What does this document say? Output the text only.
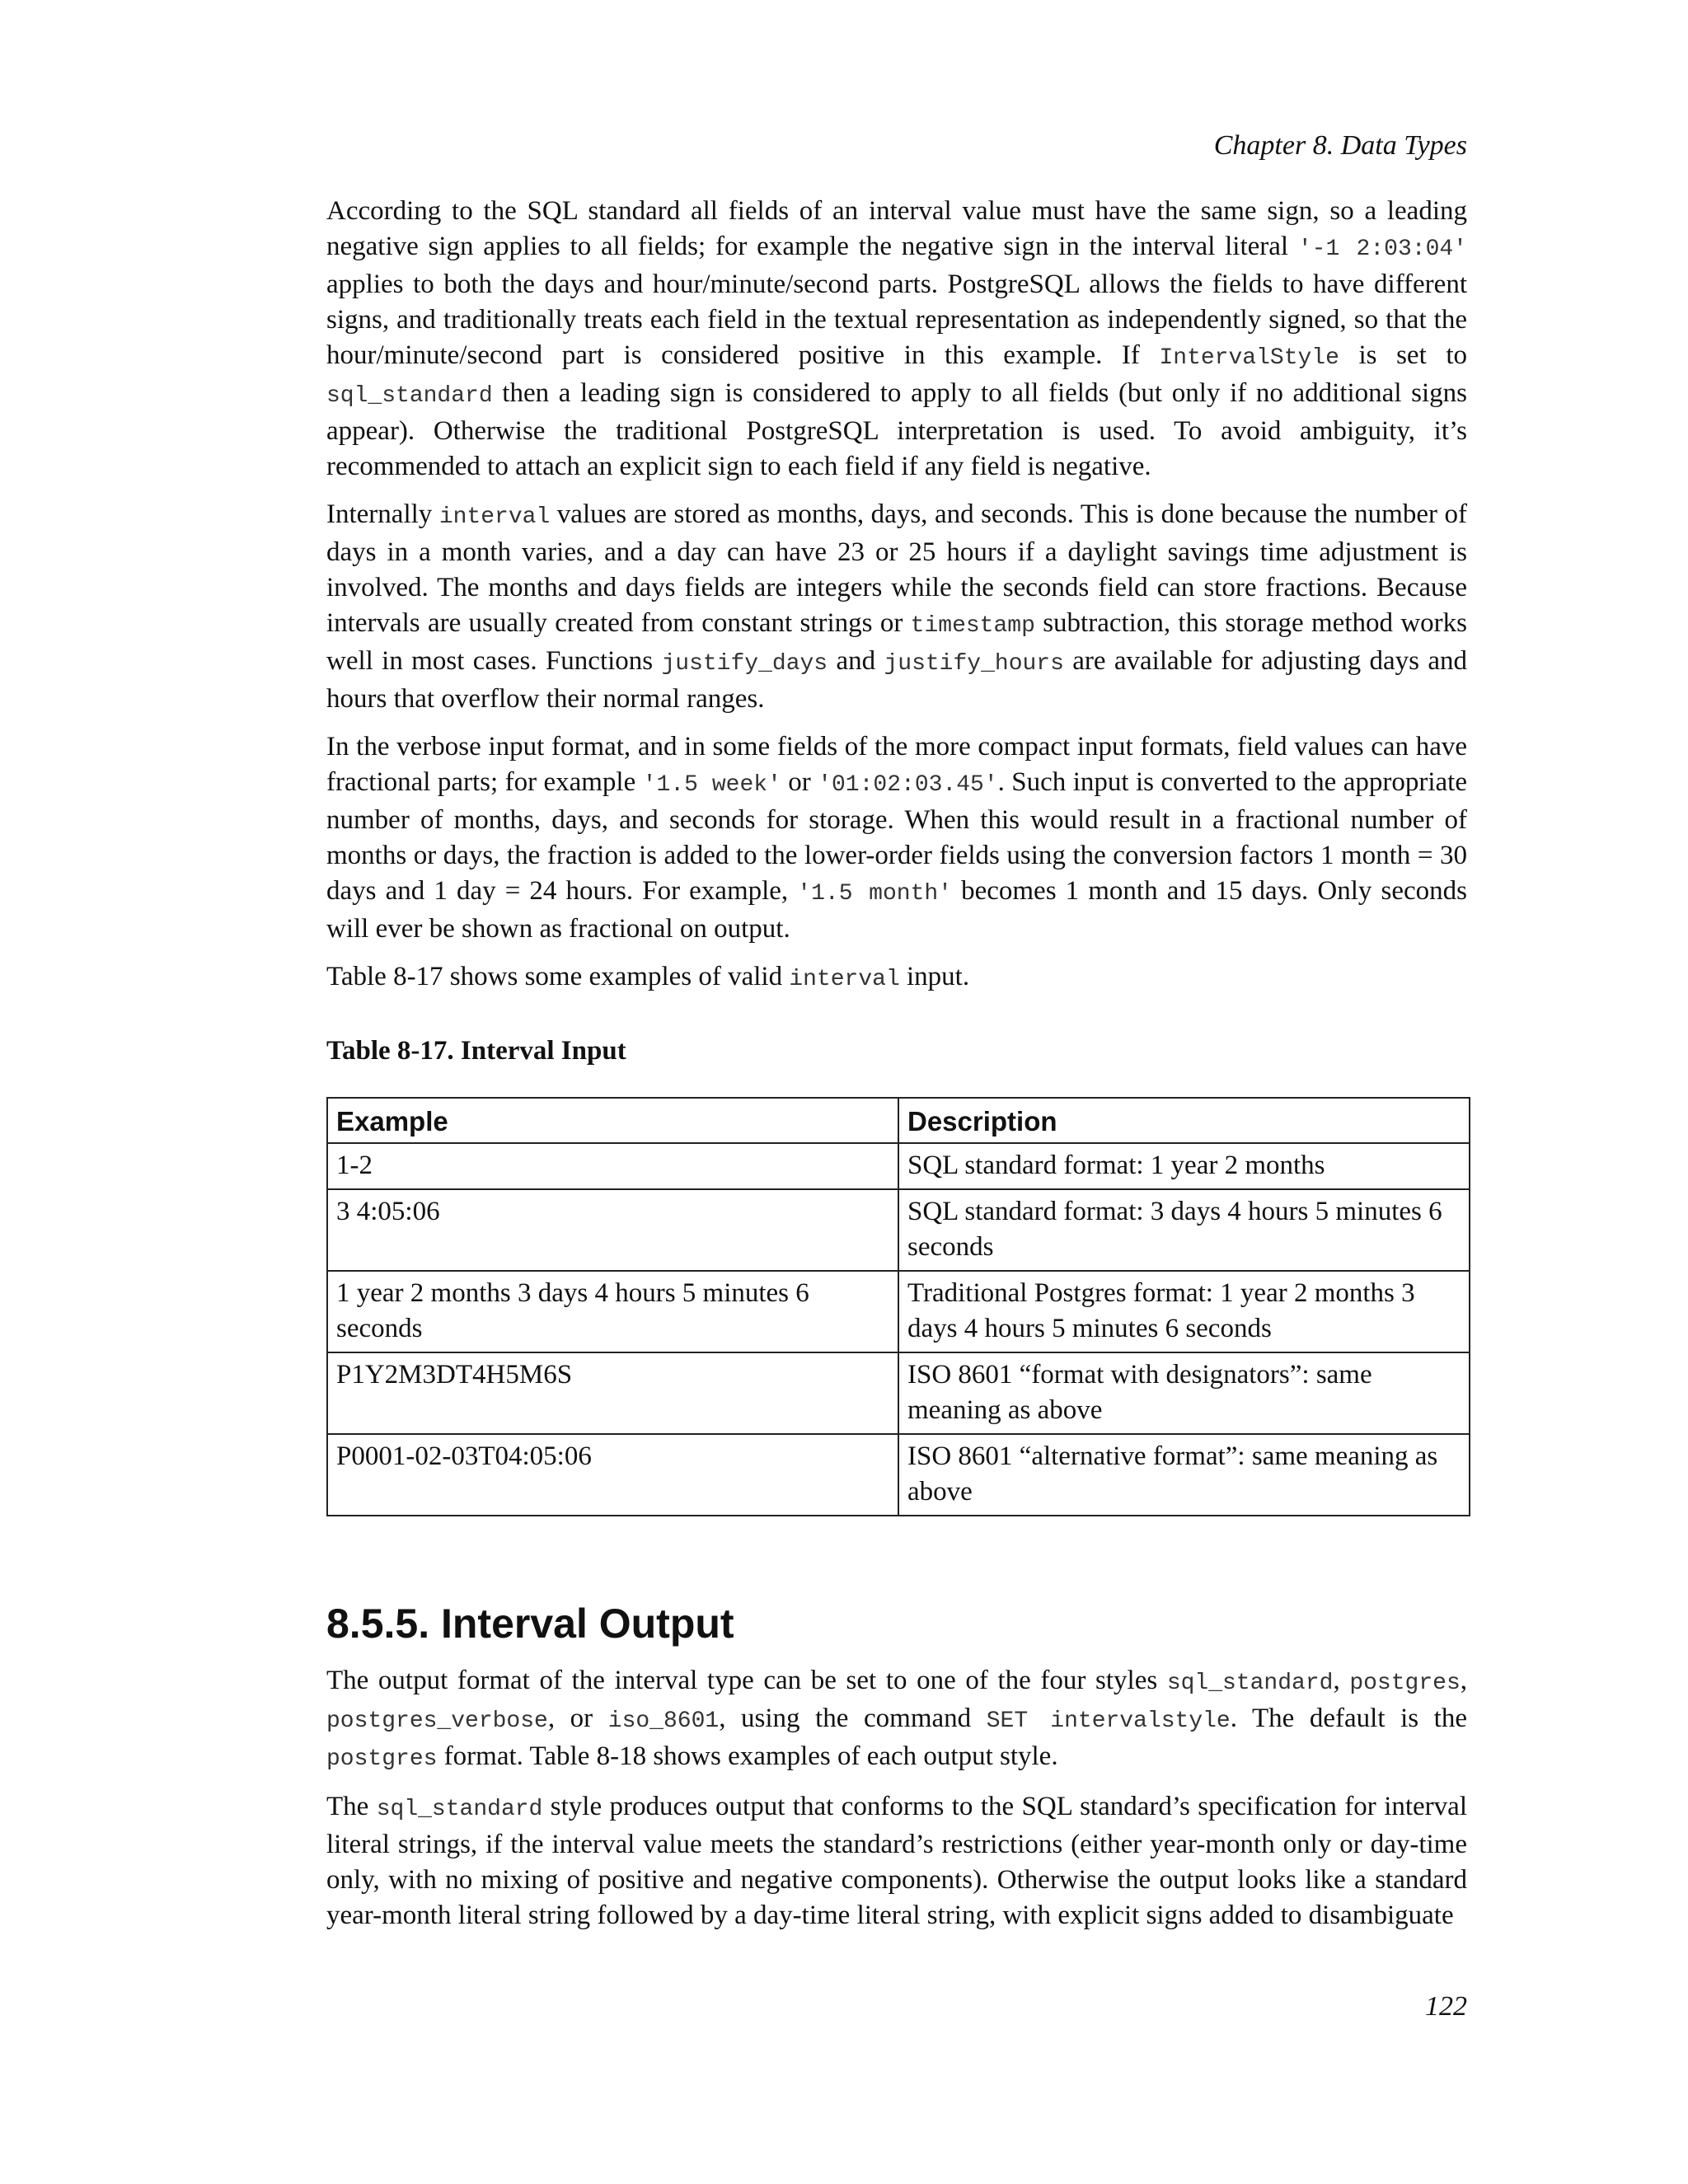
Chapter 8. Data Types

According to the SQL standard all fields of an interval value must have the same sign, so a leading negative sign applies to all fields; for example the negative sign in the interval literal '-1 2:03:04' applies to both the days and hour/minute/second parts. PostgreSQL allows the fields to have different signs, and traditionally treats each field in the textual representation as independently signed, so that the hour/minute/second part is considered positive in this example. If IntervalStyle is set to sql_standard then a leading sign is considered to apply to all fields (but only if no additional signs appear). Otherwise the traditional PostgreSQL interpretation is used. To avoid ambiguity, it’s recommended to attach an explicit sign to each field if any field is negative.

Internally interval values are stored as months, days, and seconds. This is done because the number of days in a month varies, and a day can have 23 or 25 hours if a daylight savings time adjustment is involved. The months and days fields are integers while the seconds field can store fractions. Because intervals are usually created from constant strings or timestamp subtraction, this storage method works well in most cases. Functions justify_days and justify_hours are available for adjusting days and hours that overflow their normal ranges.

In the verbose input format, and in some fields of the more compact input formats, field values can have fractional parts; for example '1.5 week' or '01:02:03.45'. Such input is converted to the appropriate number of months, days, and seconds for storage. When this would result in a fractional number of months or days, the fraction is added to the lower-order fields using the conversion factors 1 month = 30 days and 1 day = 24 hours. For example, '1.5 month' becomes 1 month and 15 days. Only seconds will ever be shown as fractional on output.

Table 8-17 shows some examples of valid interval input.

Table 8-17. Interval Input
Example	Description
1-2	SQL standard format: 1 year 2 months
3 4:05:06	SQL standard format: 3 days 4 hours 5 minutes 6 seconds
1 year 2 months 3 days 4 hours 5 minutes 6 seconds	Traditional Postgres format: 1 year 2 months 3 days 4 hours 5 minutes 6 seconds
P1Y2M3DT4H5M6S	ISO 8601 “format with designators”: same meaning as above
P0001-02-03T04:05:06	ISO 8601 “alternative format”: same meaning as above
8.5.5. Interval Output

The output format of the interval type can be set to one of the four styles sql_standard, postgres, postgres_verbose, or iso_8601, using the command SET intervalstyle. The default is the postgres format. Table 8-18 shows examples of each output style.

The sql_standard style produces output that conforms to the SQL standard’s specification for interval literal strings, if the interval value meets the standard’s restrictions (either year-month only or day-time only, with no mixing of positive and negative components). Otherwise the output looks like a standard year-month literal string followed by a day-time literal string, with explicit signs added to disambiguate

122
